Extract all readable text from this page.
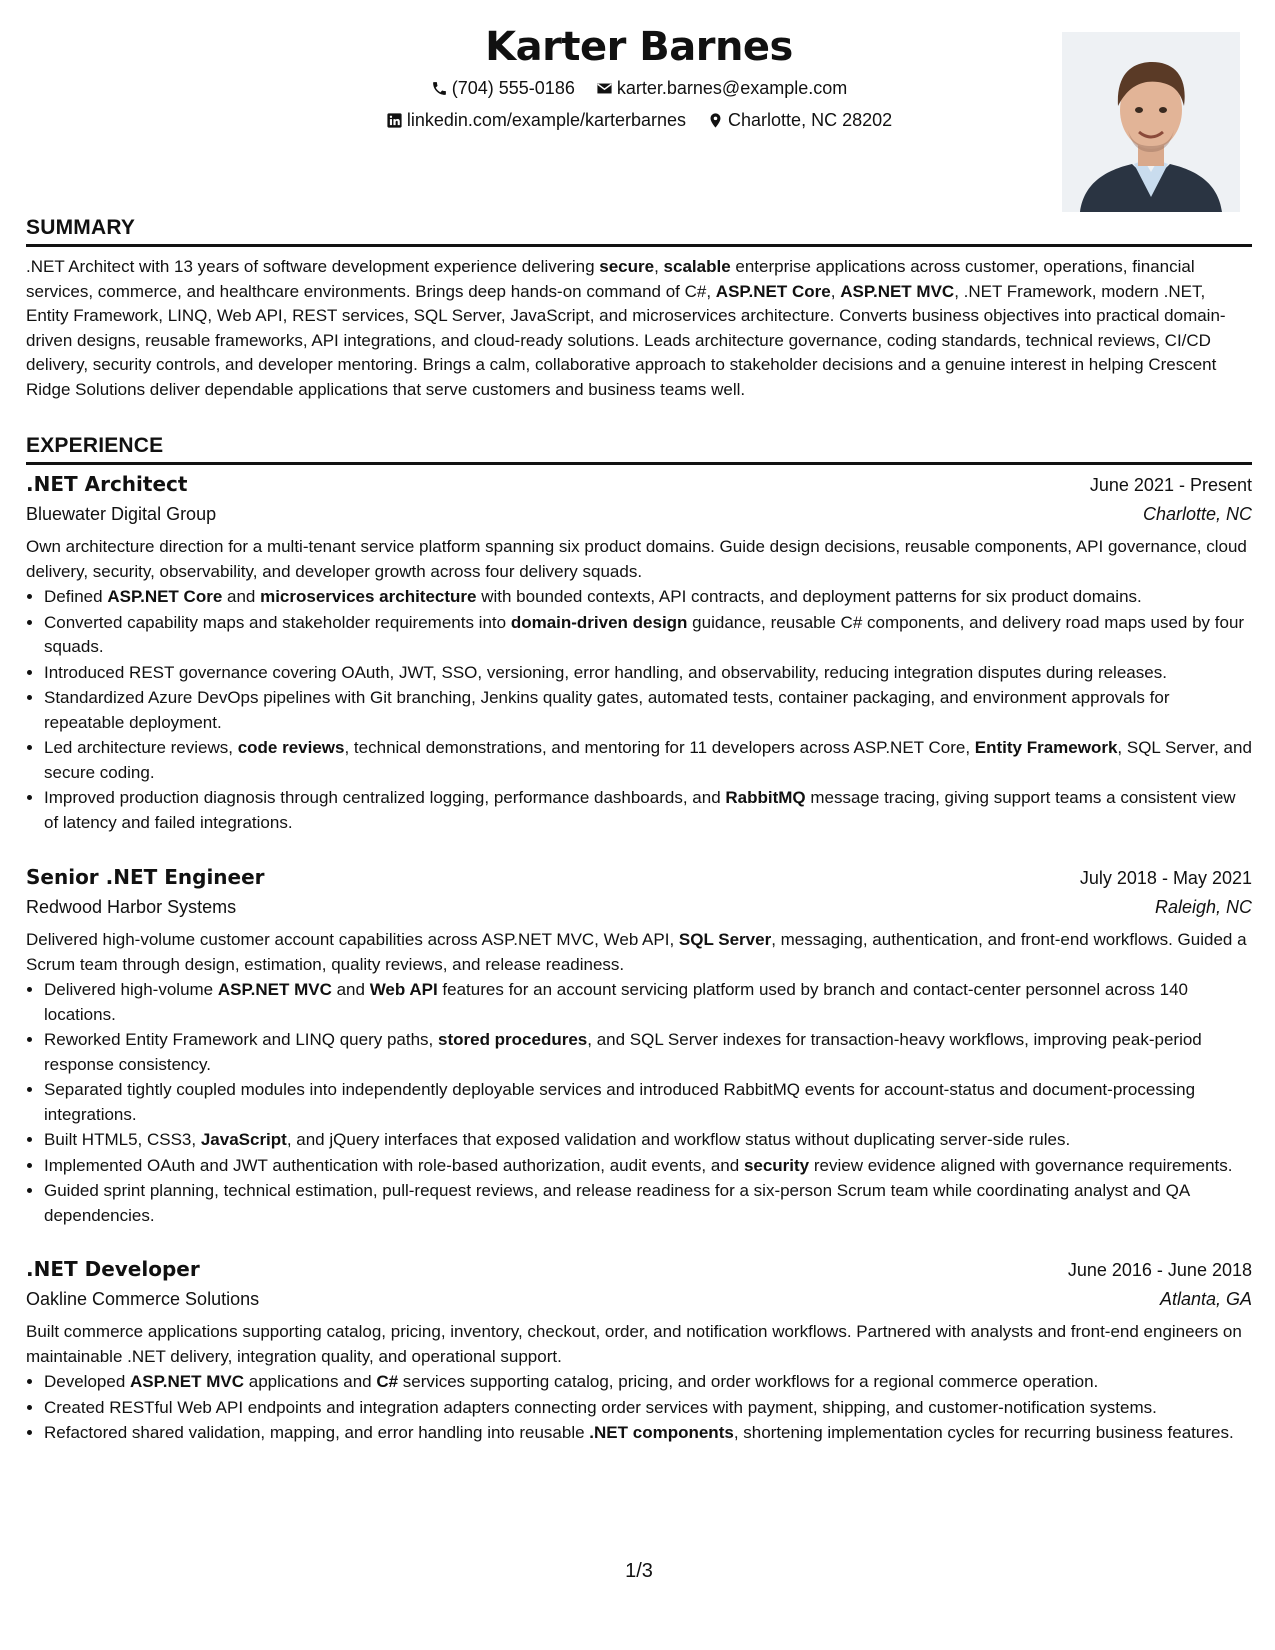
Karter Barnes
(704) 555-0186
karter.barnes@example.com
linkedin.com/example/karterbarnes
Charlotte, NC 28202
SUMMARY
.NET Architect with 13 years of software development experience delivering secure, scalable enterprise applications across customer, operations, financial services, commerce, and healthcare environments. Brings deep hands-on command of C#, ASP.NET Core, ASP.NET MVC, .NET Framework, modern .NET, Entity Framework, LINQ, Web API, REST services, SQL Server, JavaScript, and microservices architecture. Converts business objectives into practical domain-driven designs, reusable frameworks, API integrations, and cloud-ready solutions. Leads architecture governance, coding standards, technical reviews, CI/CD delivery, security controls, and developer mentoring. Brings a calm, collaborative approach to stakeholder decisions and a genuine interest in helping Crescent Ridge Solutions deliver dependable applications that serve customers and business teams well.
EXPERIENCE
.NET Architect	June 2021 - Present
Bluewater Digital Group	Charlotte, NC
Own architecture direction for a multi-tenant service platform spanning six product domains. Guide design decisions, reusable components, API governance, cloud delivery, security, observability, and developer growth across four delivery squads.
• Defined ASP.NET Core and microservices architecture with bounded contexts, API contracts, and deployment patterns for six product domains.
• Converted capability maps and stakeholder requirements into domain-driven design guidance, reusable C# components, and delivery road maps used by four squads.
• Introduced REST governance covering OAuth, JWT, SSO, versioning, error handling, and observability, reducing integration disputes during releases.
• Standardized Azure DevOps pipelines with Git branching, Jenkins quality gates, automated tests, container packaging, and environment approvals for repeatable deployment.
• Led architecture reviews, code reviews, technical demonstrations, and mentoring for 11 developers across ASP.NET Core, Entity Framework, SQL Server, and secure coding.
• Improved production diagnosis through centralized logging, performance dashboards, and RabbitMQ message tracing, giving support teams a consistent view of latency and failed integrations.
Senior .NET Engineer	July 2018 - May 2021
Redwood Harbor Systems	Raleigh, NC
Delivered high-volume customer account capabilities across ASP.NET MVC, Web API, SQL Server, messaging, authentication, and front-end workflows. Guided a Scrum team through design, estimation, quality reviews, and release readiness.
• Delivered high-volume ASP.NET MVC and Web API features for an account servicing platform used by branch and contact-center personnel across 140 locations.
• Reworked Entity Framework and LINQ query paths, stored procedures, and SQL Server indexes for transaction-heavy workflows, improving peak-period response consistency.
• Separated tightly coupled modules into independently deployable services and introduced RabbitMQ events for account-status and document-processing integrations.
• Built HTML5, CSS3, JavaScript, and jQuery interfaces that exposed validation and workflow status without duplicating server-side rules.
• Implemented OAuth and JWT authentication with role-based authorization, audit events, and security review evidence aligned with governance requirements.
• Guided sprint planning, technical estimation, pull-request reviews, and release readiness for a six-person Scrum team while coordinating analyst and QA dependencies.
.NET Developer	June 2016 - June 2018
Oakline Commerce Solutions	Atlanta, GA
Built commerce applications supporting catalog, pricing, inventory, checkout, order, and notification workflows. Partnered with analysts and front-end engineers on maintainable .NET delivery, integration quality, and operational support.
• Developed ASP.NET MVC applications and C# services supporting catalog, pricing, and order workflows for a regional commerce operation.
• Created RESTful Web API endpoints and integration adapters connecting order services with payment, shipping, and customer-notification systems.
• Refactored shared validation, mapping, and error handling into reusable .NET components, shortening implementation cycles for recurring business features.
1/3
